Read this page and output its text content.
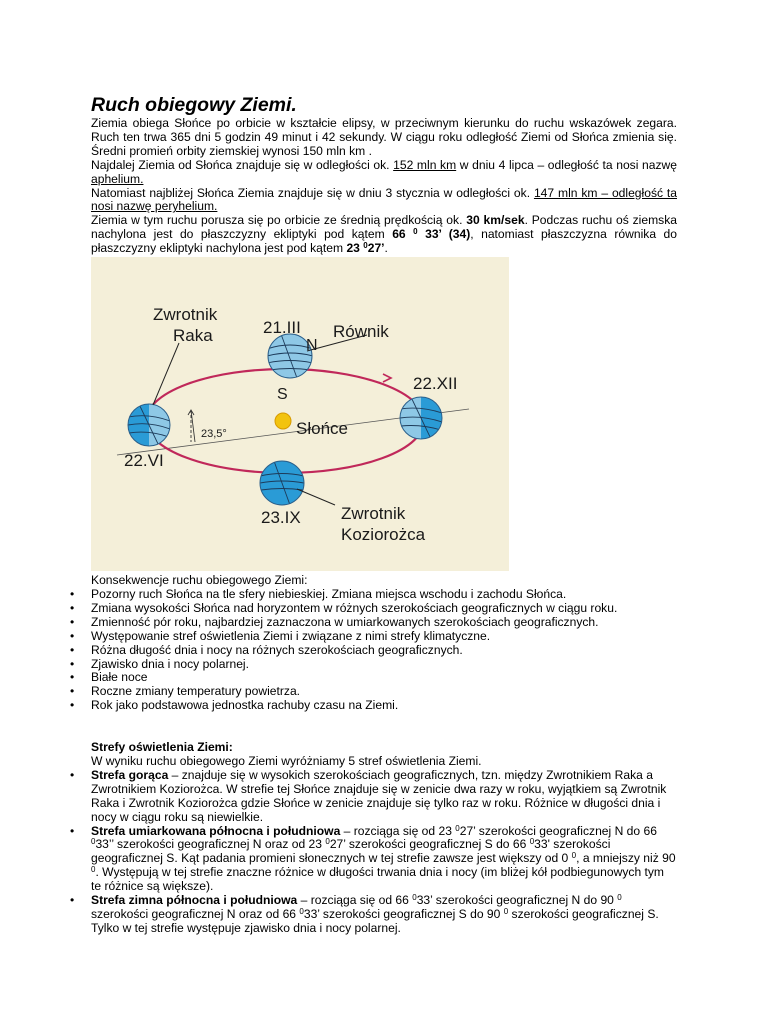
Ruch obiegowy Ziemi.

Ziemia obiega Słońce po orbicie w kształcie elipsy, w przeciwnym kierunku do ruchu wskazówek zegara. Ruch ten trwa 365 dni 5 godzin 49 minut i 42 sekundy. W ciągu roku odległość Ziemi od Słońca zmienia się. Średni promień orbity ziemskiej wynosi 150 mln km .

Najdalej Ziemia od Słońca znajduje się w odległości ok. 152 mln km w dniu 4 lipca – odległość ta nosi nazwę aphelium.

Natomiast najbliżej Słońca Ziemia znajduje się w dniu 3 stycznia w odległości ok. 147 mln km – odległość ta nosi nazwę peryhelium.

Ziemia w tym ruchu porusza się po orbicie ze średnią prędkością ok. 30 km/sek. Podczas ruchu oś ziemska nachylona jest do płaszczyzny ekliptyki pod kątem 66 $^0$ 33’ (34), natomiast płaszczyzna równika do płaszczyzny ekliptyki nachylona jest pod kątem 23 $^0$27’.

Zwrotnik
Raka	21.III Równik
N
S
Słońce
22.XII
22.VI
23,5°
23.IX Zwrotnik
Koziorożca

Konsekwencje ruchu obiegowego Ziemi:

• Pozorny ruch Słońca na tle sfery niebieskiej. Zmiana miejsca wschodu i zachodu Słońca.
• Zmiana wysokości Słońca nad horyzontem w różnych szerokościach geograficznych w ciągu roku.
• Zmienność pór roku, najbardziej zaznaczona w umiarkowanych szerokościach geograficznych.
• Występowanie stref oświetlenia Ziemi i związane z nimi strefy klimatyczne.
• Różna długość dnia i nocy na różnych szerokościach geograficznych.
• Zjawisko dnia i nocy polarnej.
• Białe noce
• Roczne zmiany temperatury powietrza.
• Rok jako podstawowa jednostka rachuby czasu na Ziemi.

Strefy oświetlenia Ziemi:

W wyniku ruchu obiegowego Ziemi wyróżniamy 5 stref oświetlenia Ziemi.

• Strefa gorąca – znajduje się w wysokich szerokościach geograficznych, tzn. między Zwrotnikiem Raka a Zwrotnikiem Koziorożca. W strefie tej Słońce znajduje się w zenicie dwa razy w roku, wyjątkiem są Zwrotnik Raka i Zwrotnik Koziorożca gdzie Słońce w zenicie znajduje się tylko raz w roku. Różnice w długości dnia i nocy w ciągu roku są niewielkie.
• Strefa umiarkowana północna i południowa – rozciąga się od 23 $^0$27’ szerokości geograficznej N do 66 $^0$33’’ szerokości geograficznej N oraz od 23 $^0$27’ szerokości geograficznej S do 66 $^0$33' szerokości geograficznej S. Kąt padania promieni słonecznych w tej strefie zawsze jest większy od 0 $^0$, a mniejszy niż 90 $^0$. Występują w tej strefie znaczne różnice w długości trwania dnia i nocy (im bliżej kół podbiegunowych tym te różnice są większe).
• Strefa zimna północna i południowa – rozciąga się od 66 $^0$33’ szerokości geograficznej N do 90 $^0$ szerokości geograficznej N oraz od 66 $^0$33’ szerokości geograficznej S do 90 $^0$ szerokości geograficznej S. Tylko w tej strefie występuje zjawisko dnia i nocy polarnej.
